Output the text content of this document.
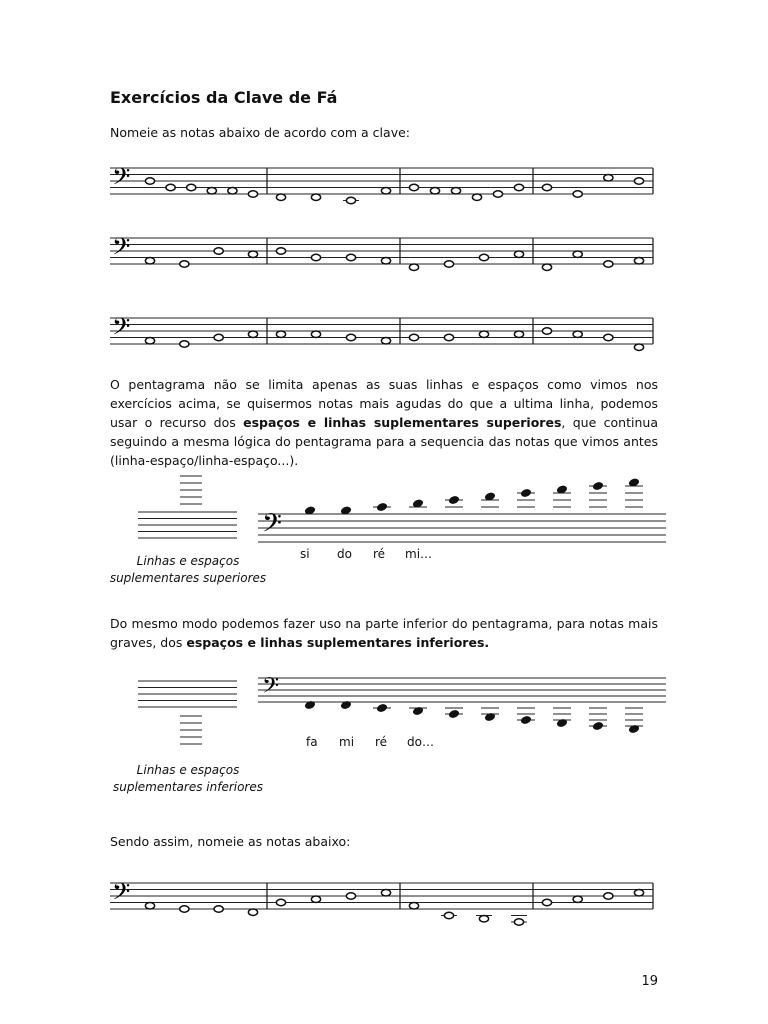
Exercícios da Clave de Fá
Nomeie as notas abaixo de acordo com a clave:
𝄢
𝄢
𝄢
O pentagrama não se limita apenas as suas linhas e espaços como vimos nos exercícios acima, se quisermos notas mais agudas do que a ultima linha, podemos usar o recurso dos espaços e linhas suplementares superiores, que continua seguindo a mesma lógica do pentagrama para a sequencia das notas que vimos antes (linha-espaço/linha-espaço...).
𝄢
Linhas e espaços
suplementares superiores
si do ré mi…
Do mesmo modo podemos fazer uso na parte inferior do pentagrama, para notas mais graves, dos espaços e linhas suplementares inferiores.
𝄢
Linhas e espaços
suplementares inferiores
fa mi ré do…
Sendo assim, nomeie as notas abaixo:
𝄢
19
